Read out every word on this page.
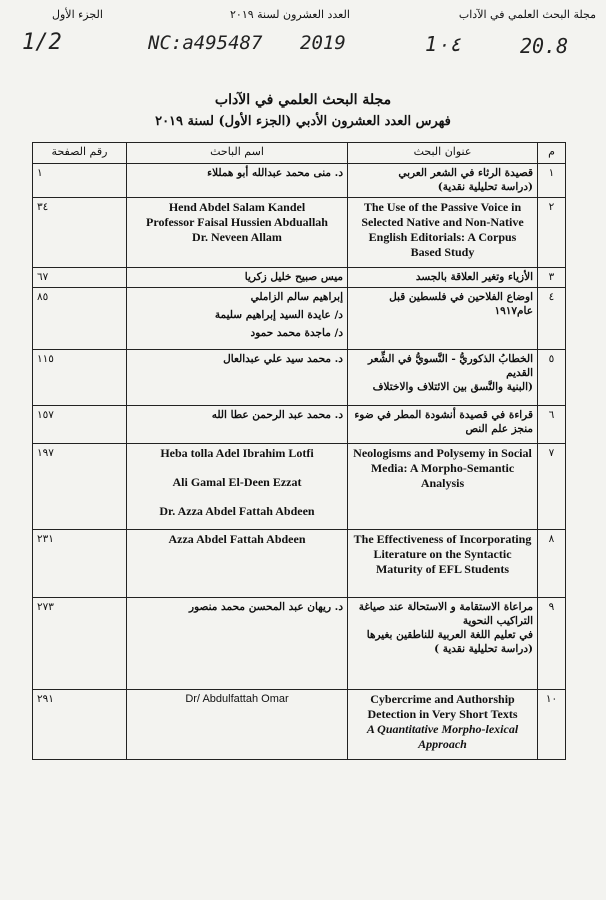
مجلة البحث العلمي في الآداب
العدد العشرون لسنة ٢٠١٩
الجزء الأول
1/2	NC:a495487 2019	1٠٤	20.8
مجلة البحث العلمي في الآداب
فهرس العدد العشرون الأدبي (الجزء الأول) لسنة ٢٠١٩
م	عنوان البحث	اسم الباحث	رقم الصفحة
١	قصيدة الرثاء في الشعر العربي
(دراسة تحليلية نقدية)	د. منى محمد عبدالله أبو همللاء	١
٢	The Use of the Passive Voice in Selected Native and Non-Native English Editorials: A Corpus Based Study	Hend Abdel Salam Kandel
Professor Faisal Hussien Abduallah
Dr. Neveen Allam	٣٤
٣	الأزياء وتغير العلاقة بالجسد	ميس صبيح خليل زكريا	٦٧
٤	اوضاع الفلاحين في فلسطين قبل عام١٩١٧	إبراهيم سالم الزاملي
د/ عايدة السيد إبراهيم سليمة
د/ ماجدة محمد حمود	٨٥
٥	الخطابُ الذكوريُّ - النَّسويُّ في الشِّعر القديم
(البنية والنَّسق بين الائتلاف والاختلاف	د. محمد سيد علي عبدالعال	١١٥
٦	قراءة في قصيدة أنشودة المطر في ضوء منجز علم النص	د. محمد عبد الرحمن عطا الله	١٥٧
٧	Neologisms and Polysemy in Social Media: A Morpho-Semantic Analysis	Heba tolla Adel Ibrahim Lotfi
Ali Gamal El-Deen Ezzat
Dr. Azza Abdel Fattah Abdeen	١٩٧
٨	The Effectiveness of Incorporating Literature on the Syntactic Maturity of EFL Students	Azza Abdel Fattah Abdeen	٢٣١
٩	مراعاة الاستقامة و الاستحالة عند صياغة التراكيب النحوية
في تعليم اللغة العربية للناطقين بغيرها
(دراسة تحليلية نقدية )	د. ريهان عبد المحسن محمد منصور	٢٧٣
١٠	Cybercrime and Authorship Detection in Very Short Texts
A Quantitative Morpho-lexical Approach	Dr/ Abdulfattah Omar	٢٩١
